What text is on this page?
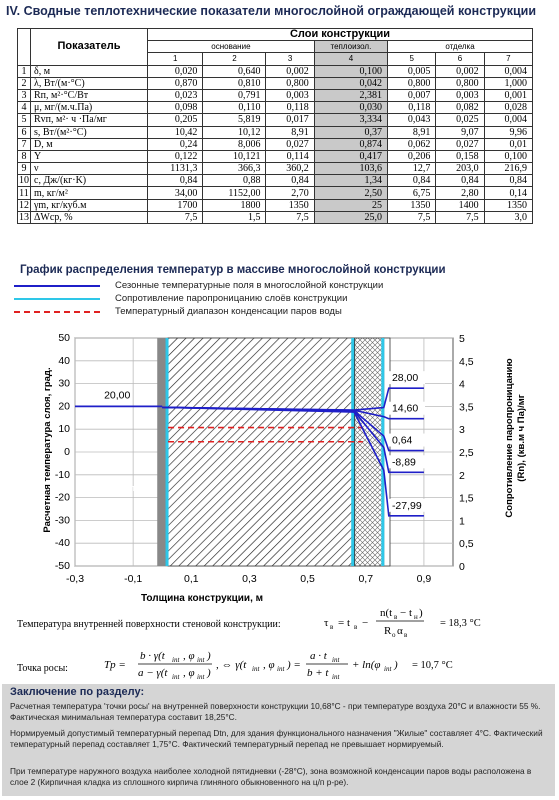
IV. Сводные теплотехнические показатели многослойной ограждающей конструкции
	Показатель	Слои конструкции						
		основание			теплоизол.	отделка		
		1	2	3	4	5	6	7
1	δ, м	0,020	0,640	0,002	0,100	0,005	0,002	0,004
2	λ, Вт/(м·°C)	0,870	0,810	0,800	0,042	0,800	0,800	1,000
3	Rп, м²·°C/Вт	0,023	0,791	0,003	2,381	0,007	0,003	0,001
4	μ, мг/(м.ч.Па)	0,098	0,110	0,118	0,030	0,118	0,082	0,028
5	Rvп, м²· ч ·Па/мг	0,205	5,819	0,017	3,334	0,043	0,025	0,004
6	s, Вт/(м²·°C)	10,42	10,12	8,91	0,37	8,91	9,07	9,96
7	D, м	0,24	8,006	0,027	0,874	0,062	0,027	0,01
8	Y	0,122	10,121	0,114	0,417	0,206	0,158	0,100
9	ν	1131,3	366,3	360,2	103,6	12,7	203,0	216,9
10	c, Дж/(кг·K)	0,84	0,88	0,84	1,34	0,84	0,84	0,84
11	m, кг/м²	34,00	1152,00	2,70	2,50	6,75	2,80	0,14
12	γm, кг/куб.м	1700	1800	1350	25	1350	1400	1350
13	ΔWср, %	7,5	1,5	7,5	25,0	7,5	7,5	3,0
График распределения температур в массиве многослойной конструкции
Сезонные температурные поля в многослойной конструкции
Сопротивление паропроницанию слоёв конструкции
Температурный диапазон конденсации паров воды
-50
-40
-30
-20
-10
0
10
20
30
40
50
-0,3	-0,1	0,1	0,3	0,5	0,7	0,9
0
0,5
1
1,5
2
2,5
3
3,5
4
4,5
5
20,00
28,00
14,60
0,64
-8,89
-27,99
тепловой поток
Толщина конструкции, м
Расчетная температура слоя, град.	Сопротивление паропроницанию(Rn), (кв.м ч Па)/мг
Температура внутренней поверхности стеновой конструкции:	τ в = t в −
n(t в − t н )
R o α в
= 18,3 °C
Точка росы:	Tp =
b · γ(t int , φ int )
a − γ(t int , φ int )
, ⇔ γ(t int , φ int ) =
a · t int
b + t int
+ ln(φ int ) = 10,7 °C
Заключение по разделу:

Расчетная температура 'точки росы' на внутренней поверхности конструкции 10,68°C - при температуре воздуха 20°C и влажности 55 %. Фактическая минимальная температура составит 18,25°C.

Нормируемый допустимый температурный перепад Dtn, для здания функционального назначения "Жилые" составляет 4°C. Фактический температурный перепад составляет 1,75°C. Фактический температурный перепад не превышает нормируемый.

При температуре наружного воздуха наиболее холодной пятидневки (-28°C), зона возможной конденсации паров воды расположена в слое 2 (Кирпичная кладка из сплошного кирпича глиняного обыкновенного на ц/п р-ре).
